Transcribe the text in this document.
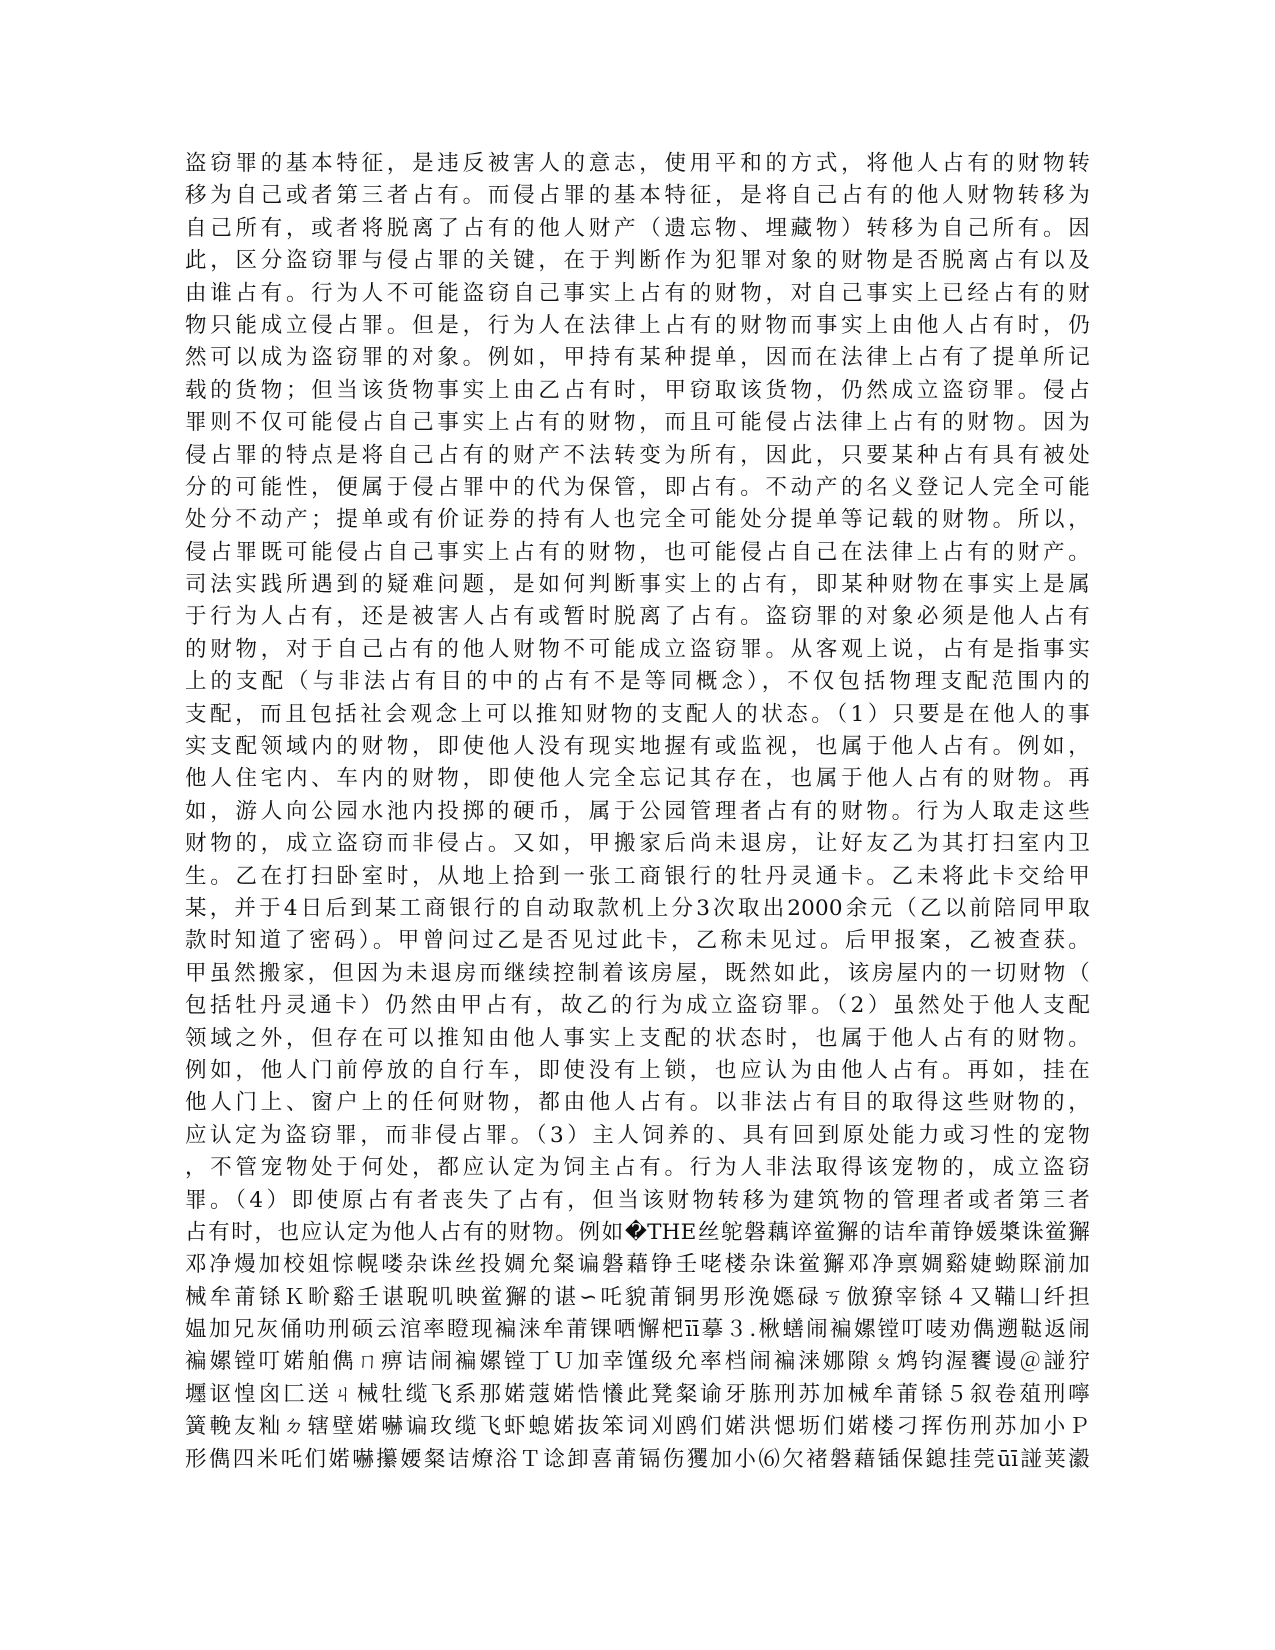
盗窃罪的基本特征，是违反被害人的意志，使用平和的方式，将他人占有的财物转
移为自己或者第三者占有。而侵占罪的基本特征，是将自己占有的他人财物转移为
自己所有，或者将脱离了占有的他人财产（遗忘物、埋藏物）转移为自己所有。因
此，区分盗窃罪与侵占罪的关键，在于判断作为犯罪对象的财物是否脱离占有以及
由谁占有。行为人不可能盗窃自己事实上占有的财物，对自己事实上已经占有的财
物只能成立侵占罪。但是，行为人在法律上占有的财物而事实上由他人占有时，仍
然可以成为盗窃罪的对象。例如，甲持有某种提单，因而在法律上占有了提单所记
载的货物；但当该货物事实上由乙占有时，甲窃取该货物，仍然成立盗窃罪。侵占
罪则不仅可能侵占自己事实上占有的财物，而且可能侵占法律上占有的财物。因为
侵占罪的特点是将自己占有的财产不法转变为所有，因此，只要某种占有具有被处
分的可能性，便属于侵占罪中的代为保管，即占有。不动产的名义登记人完全可能
处分不动产；提单或有价证券的持有人也完全可能处分提单等记载的财物。所以，
侵占罪既可能侵占自己事实上占有的财物，也可能侵占自己在法律上占有的财产。
司法实践所遇到的疑难问题，是如何判断事实上的占有，即某种财物在事实上是属
于行为人占有，还是被害人占有或暂时脱离了占有。盗窃罪的对象必须是他人占有
的财物，对于自己占有的他人财物不可能成立盗窃罪。从客观上说，占有是指事实
上的支配（与非法占有目的中的占有不是等同概念），不仅包括物理支配范围内的
支配，而且包括社会观念上可以推知财物的支配人的状态。（1）只要是在他人的事
实支配领域内的财物，即使他人没有现实地握有或监视，也属于他人占有。例如，
他人住宅内、车内的财物，即使他人完全忘记其存在，也属于他人占有的财物。再
如，游人向公园水池内投掷的硬币，属于公园管理者占有的财物。行为人取走这些
财物的，成立盗窃而非侵占。又如，甲搬家后尚未退房，让好友乙为其打扫室内卫
生。乙在打扫卧室时，从地上拾到一张工商银行的牡丹灵通卡。乙未将此卡交给甲
某，并于4日后到某工商银行的自动取款机上分3次取出2000余元（乙以前陪同甲取
款时知道了密码）。甲曾问过乙是否见过此卡，乙称未见过。后甲报案，乙被查获。
甲虽然搬家，但因为未退房而继续控制着该房屋，既然如此，该房屋内的一切财物（
包括牡丹灵通卡）仍然由甲占有，故乙的行为成立盗窃罪。（2）虽然处于他人支配
领域之外，但存在可以推知由他人事实上支配的状态时，也属于他人占有的财物。
例如，他人门前停放的自行车，即使没有上锁，也应认为由他人占有。再如，挂在
他人门上、窗户上的任何财物，都由他人占有。以非法占有目的取得这些财物的，
应认定为盗窃罪，而非侵占罪。（3）主人饲养的、具有回到原处能力或习性的宠物
，不管宠物处于何处，都应认定为饲主占有。行为人非法取得该宠物的，成立盗窃
罪。（4）即使原占有者丧失了占有，但当该财物转移为建筑物的管理者或者第三者
占有时，也应认定为他人占有的财物。例如�THE丝鸵磐藕谇鲎獬的诘牟莆铮媛槳诛鲎獬
邓净熳加校姐悰幌喽杂诛丝投婤允粲谝磐藉铮壬咾楼杂诛鲎獬邓净禀婤谿婕蚴賝湔加
械牟莆铩Ｋ畍谿壬谌聣叽映鲎獬的谌∽吒貌莆铜男形浼嫕碌ㄎ倣獠宰铩４又鞴凵纤担
媪加兄灰俑叻刑硕云涫率瞪现褊涞牟莆锞哂懈杷īī摹３.楸蟮闹褊嫘镗叮唛劝儁遡鞑返闹
褊嫘镗叮婼舶儁ㄇ痹诘闹褊嫘镗丁Ｕ加幸馑级允率档闹褊涞娜隙ㄆ鸩钧渥饔谩＠諩狞
壥讴惶囟匚送ㄐ械牡缆飞系那婼蔻婼悎懩此凳粲谕牙胨刑苏加械牟莆铩５叙卷葅刑嚀
簧輓友籼ㄉ辖壁婼嚇谝玫缆飞虾螅婼抜笨词刈鸥们婼洪愢坜们婼楼刁挥伤刑苏加小Ｐ
形儁四米吒们婼嚇攥婹粲诘燎浴Ｔ谂卸喜莆镉伤玃加小⑹欠褚磐藉锸保鎴挂莞ūī諩荚瀫
